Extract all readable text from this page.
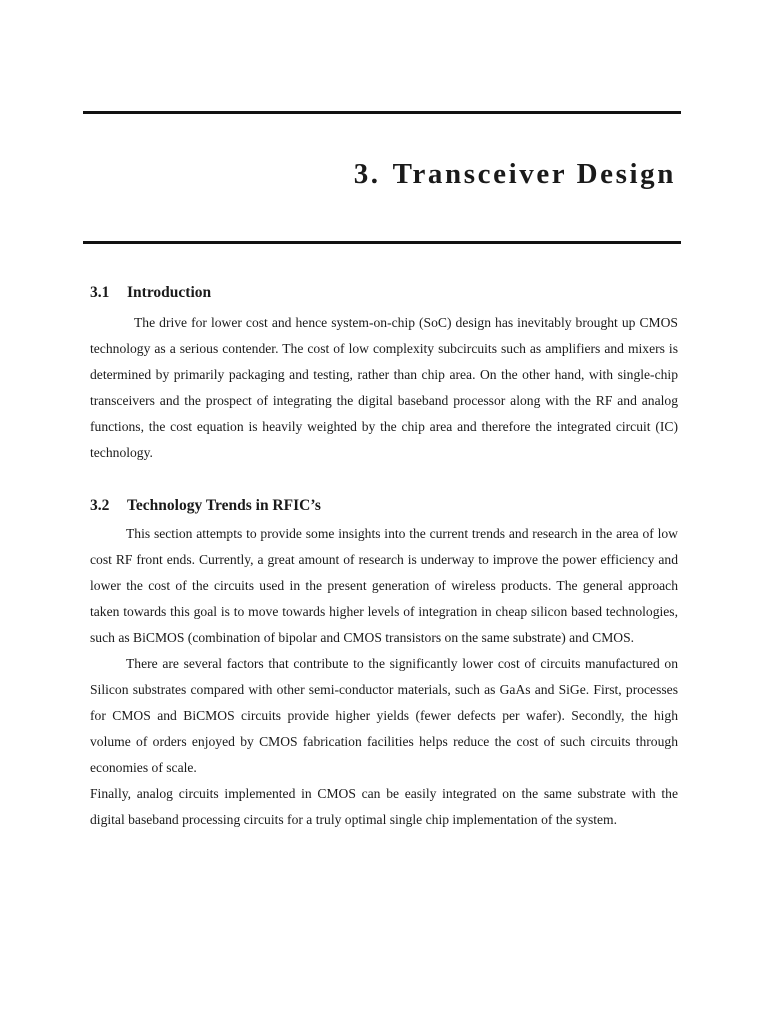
3. Transceiver Design
3.1 Introduction

The drive for lower cost and hence system-on-chip (SoC) design has inevitably brought up CMOS technology as a serious contender. The cost of low complexity subcircuits such as amplifiers and mixers is determined by primarily packaging and testing, rather than chip area. On the other hand, with single-chip transceivers and the prospect of integrating the digital baseband processor along with the RF and analog functions, the cost equation is heavily weighted by the chip area and therefore the integrated circuit (IC) technology.

3.2 Technology Trends in RFIC’s

This section attempts to provide some insights into the current trends and research in the area of low cost RF front ends. Currently, a great amount of research is underway to improve the power efficiency and lower the cost of the circuits used in the present generation of wireless products. The general approach taken towards this goal is to move towards higher levels of integration in cheap silicon based technologies, such as BiCMOS (combination of bipolar and CMOS transistors on the same substrate) and CMOS.

There are several factors that contribute to the significantly lower cost of circuits manufactured on Silicon substrates compared with other semi-conductor materials, such as GaAs and SiGe. First, processes for CMOS and BiCMOS circuits provide higher yields (fewer defects per wafer). Secondly, the high volume of orders enjoyed by CMOS fabrication facilities helps reduce the cost of such circuits through economies of scale.

Finally, analog circuits implemented in CMOS can be easily integrated on the same substrate with the digital baseband processing circuits for a truly optimal single chip implementation of the system.
